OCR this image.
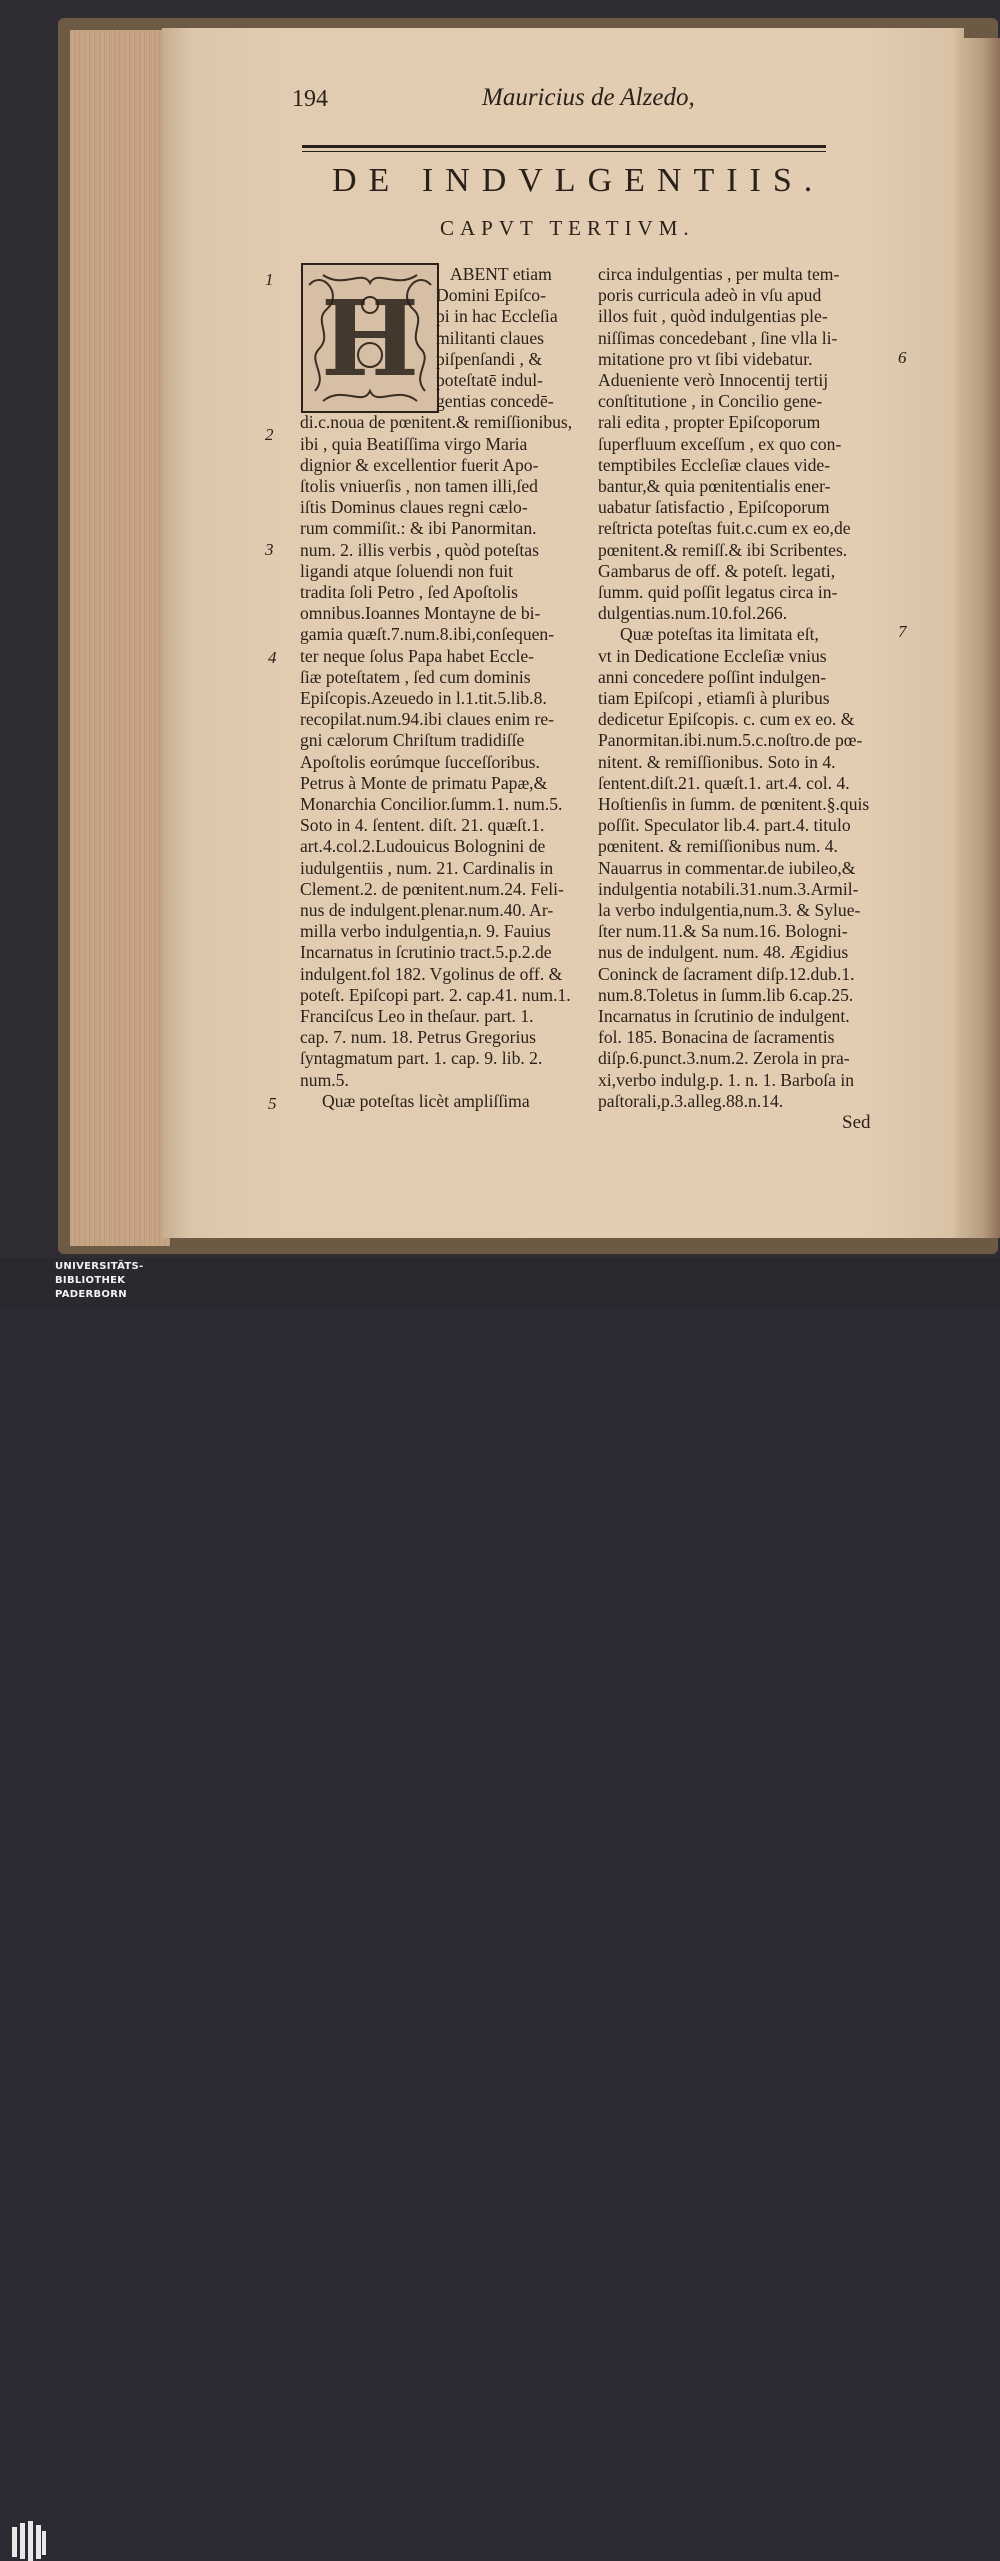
194	Mauricius de Alzedo,
DE INDVLGENTIIS.
CAPVT TERTIVM.
H
1
2
3
4
5
6
7
ABENT etiam
Domini Epiſco-
pi in hac Eccleſia
militanti claues
piſpenſandi , &
poteſtatē indul-
gentias concedē-
di.c.noua de pœnitent.& remiſſionibus,
ibi , quia Beatiſſima virgo Maria
dignior & excellentior fuerit Apo-
ſtolis vniuerſis , non tamen illi,ſed
iſtis Dominus claues regni cælo-
rum commiſit.: & ibi Panormitan.
num. 2. illis verbis , quòd poteſtas
ligandi atque ſoluendi non fuit
tradita ſoli Petro , ſed Apoſtolis
omnibus.Ioannes Montayne de bi-
gamia quæſt.7.num.8.ibi,conſequen-
ter neque ſolus Papa habet Eccle-
ſiæ poteſtatem , ſed cum dominis
Epiſcopis.Azeuedo in l.1.tit.5.lib.8.
recopilat.num.94.ibi claues enim re-
gni cælorum Chriſtum tradidiſſe
Apoſtolis eorúmque ſucceſſoribus.
Petrus à Monte de primatu Papæ,&
Monarchia Concilior.ſumm.1. num.5.
Soto in 4. ſentent. diſt. 21. quæſt.1.
art.4.col.2.Ludouicus Bolognini de
iudulgentiis , num. 21. Cardinalis in
Clement.2. de pœnitent.num.24. Feli-
nus de indulgent.plenar.num.40. Ar-
milla verbo indulgentia,n. 9. Fauius
Incarnatus in ſcrutinio tract.5.p.2.de
indulgent.fol 182. Vgolinus de off. &
poteſt. Epiſcopi part. 2. cap.41. num.1.
Franciſcus Leo in theſaur. part. 1.
cap. 7. num. 18. Petrus Gregorius
ſyntagmatum part. 1. cap. 9. lib. 2.
num.5.
Quæ poteſtas licèt ampliſſima
circa indulgentias , per multa tem-
poris curricula adeò in vſu apud
illos fuit , quòd indulgentias ple-
niſſimas concedebant , ſine vlla li-
mitatione pro vt ſibi videbatur.
Adueniente verò Innocentij tertij
conſtitutione , in Concilio gene-
rali edita , propter Epiſcoporum
ſuperfluum exceſſum , ex quo con-
temptibiles Eccleſiæ claues vide-
bantur,& quia pœnitentialis ener-
uabatur ſatisfactio , Epiſcoporum
reſtricta poteſtas fuit.c.cum ex eo,de
pœnitent.& remiſſ.& ibi Scribentes.
Gambarus de off. & poteſt. legati,
ſumm. quid poſſit legatus circa in-
dulgentias.num.10.fol.266.
Quæ poteſtas ita limitata eſt,
vt in Dedicatione Eccleſiæ vnius
anni concedere poſſint indulgen-
tiam Epiſcopi , etiamſi à pluribus
dedicetur Epiſcopis. c. cum ex eo. &
Panormitan.ibi.num.5.c.noſtro.de pœ-
nitent. & remiſſionibus. Soto in 4.
ſentent.diſt.21. quæſt.1. art.4. col. 4.
Hoſtienſis in ſumm. de pœnitent.§.quis
poſſit. Speculator lib.4. part.4. titulo
pœnitent. & remiſſionibus num. 4.
Nauarrus in commentar.de iubileo,&
indulgentia notabili.31.num.3.Armil-
la verbo indulgentia,num.3. & Sylue-
ſter num.11.& Sa num.16. Bologni-
nus de indulgent. num. 48. Ægidius
Coninck de ſacrament diſp.12.dub.1.
num.8.Toletus in ſumm.lib 6.cap.25.
Incarnatus in ſcrutinio de indulgent.
fol. 185. Bonacina de ſacramentis
diſp.6.punct.3.num.2. Zerola in pra-
xi,verbo indulg.p. 1. n. 1. Barboſa in
paſtorali,p.3.alleg.88.n.14.
Sed
UNIVERSITÄTS-
BIBLIOTHEK
PADERBORN
